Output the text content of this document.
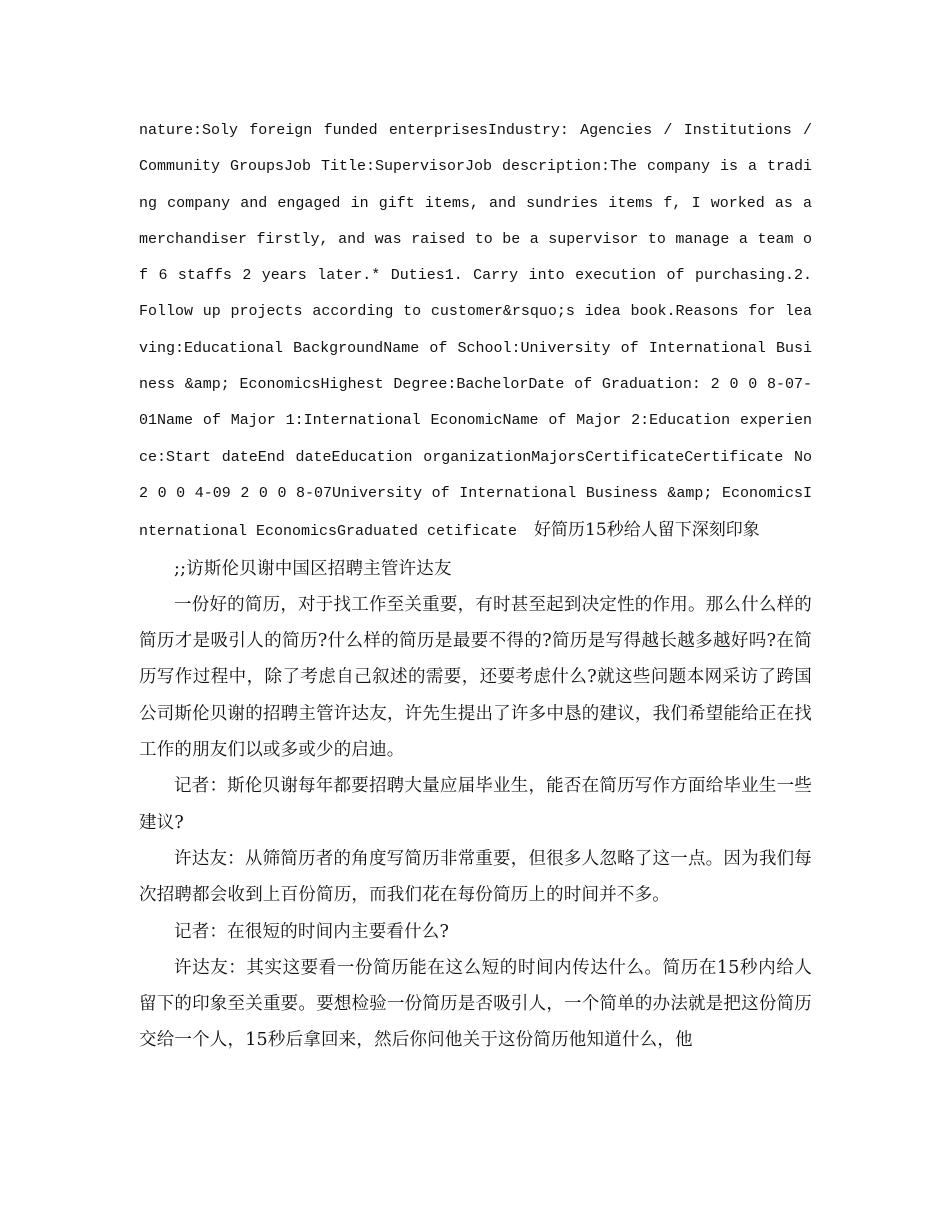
nature:Soly foreign funded enterprisesIndustry: Agencies / Institutions / Community GroupsJob Title:SupervisorJob description:The company is a trading company and engaged in gift items, and sundries items f, I worked as a merchandiser firstly, and was raised to be a supervisor to manage a team of 6 staffs 2 years later.* Duties1. Carry into execution of purchasing.2. Follow up projects according to customer&rsquo;s idea book.Reasons for leaving:Educational BackgroundName of School:University of International Business &amp; EconomicsHighest Degree:BachelorDate of Graduation: 2 0 0 8-07-01Name of Major 1:International EconomicName of Major 2:Education experience:Start dateEnd dateEducation organizationMajorsCertificateCertificate No 2 0 0 4-09 2 0 0 8-07University of International Business &amp; EconomicsInternational EconomicsGraduated cetificate　好简历15秒给人留下深刻印象

;;访斯伦贝谢中国区招聘主管许达友

一份好的简历，对于找工作至关重要，有时甚至起到决定性的作用。那么什么样的简历才是吸引人的简历?什么样的简历是最要不得的?简历是写得越长越多越好吗?在简历写作过程中，除了考虑自己叙述的需要，还要考虑什么?就这些问题本网采访了跨国公司斯伦贝谢的招聘主管许达友，许先生提出了许多中恳的建议，我们希望能给正在找工作的朋友们以或多或少的启迪。

记者：斯伦贝谢每年都要招聘大量应届毕业生，能否在简历写作方面给毕业生一些建议?

许达友：从筛简历者的角度写简历非常重要，但很多人忽略了这一点。因为我们每次招聘都会收到上百份简历，而我们花在每份简历上的时间并不多。

记者：在很短的时间内主要看什么?

许达友：其实这要看一份简历能在这么短的时间内传达什么。简历在15秒内给人留下的印象至关重要。要想检验一份简历是否吸引人，一个简单的办法就是把这份简历交给一个人，15秒后拿回来，然后你问他关于这份简历他知道什么，他
